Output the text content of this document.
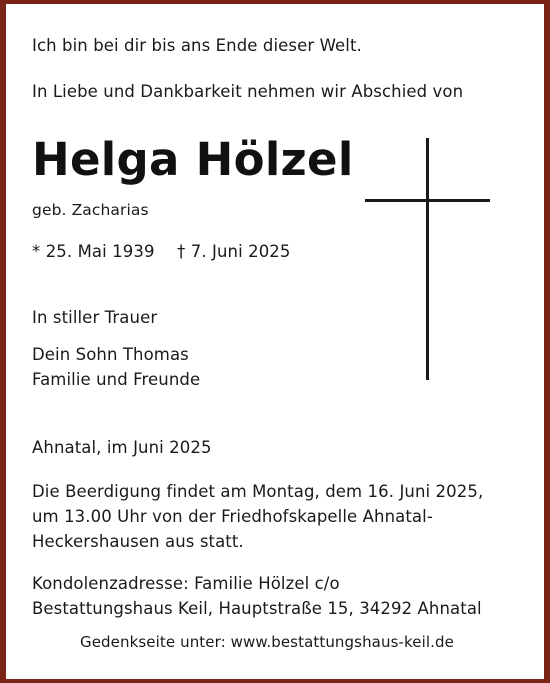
Ich bin bei dir bis ans Ende dieser Welt.
In Liebe und Dankbarkeit nehmen wir Abschied von
Helga Hölzel
geb. Zacharias
* 25. Mai 1939 † 7. Juni 2025
In stiller Trauer
Dein Sohn Thomas
Familie und Freunde
Ahnatal, im Juni 2025
Die Beerdigung findet am Montag, dem 16. Juni 2025,
um 13.00 Uhr von der Friedhofskapelle Ahnatal-
Heckershausen aus statt.
Kondolenzadresse: Familie Hölzel c/o
Bestattungshaus Keil, Hauptstraße 15, 34292 Ahnatal
Gedenkseite unter: www.bestattungshaus-keil.de
